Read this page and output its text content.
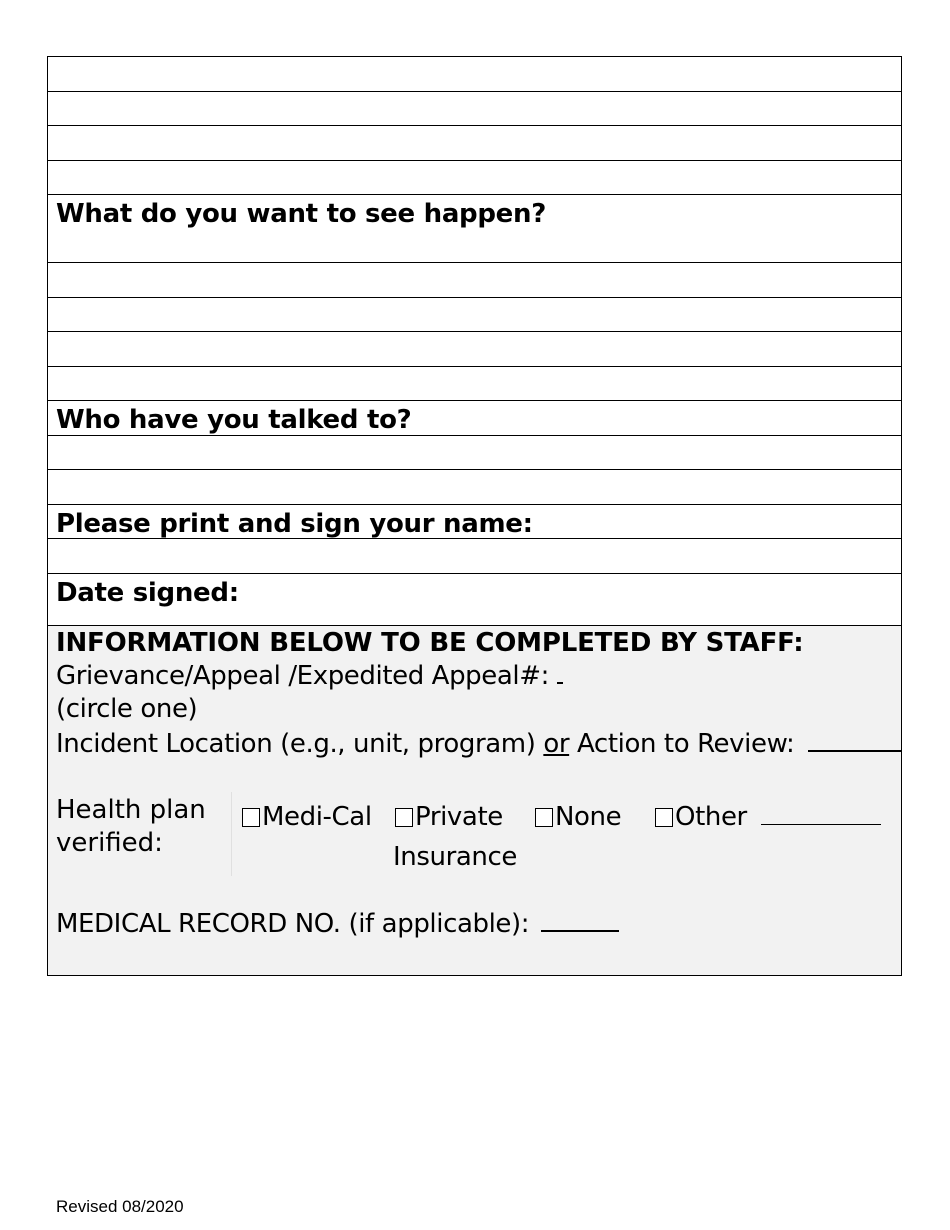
What do you want to see happen?
Who have you talked to?
Please print and sign your name:
Date signed:
INFORMATION BELOW TO BE COMPLETED BY STAFF:
Grievance/Appeal /Expedited Appeal#:
(circle one)
Incident Location (e.g., unit, program) or Action to Review:
Health plan verified:
Medi-Cal	Private
Insurance
None	Other
MEDICAL RECORD NO. (if applicable):
Revised 08/2020
